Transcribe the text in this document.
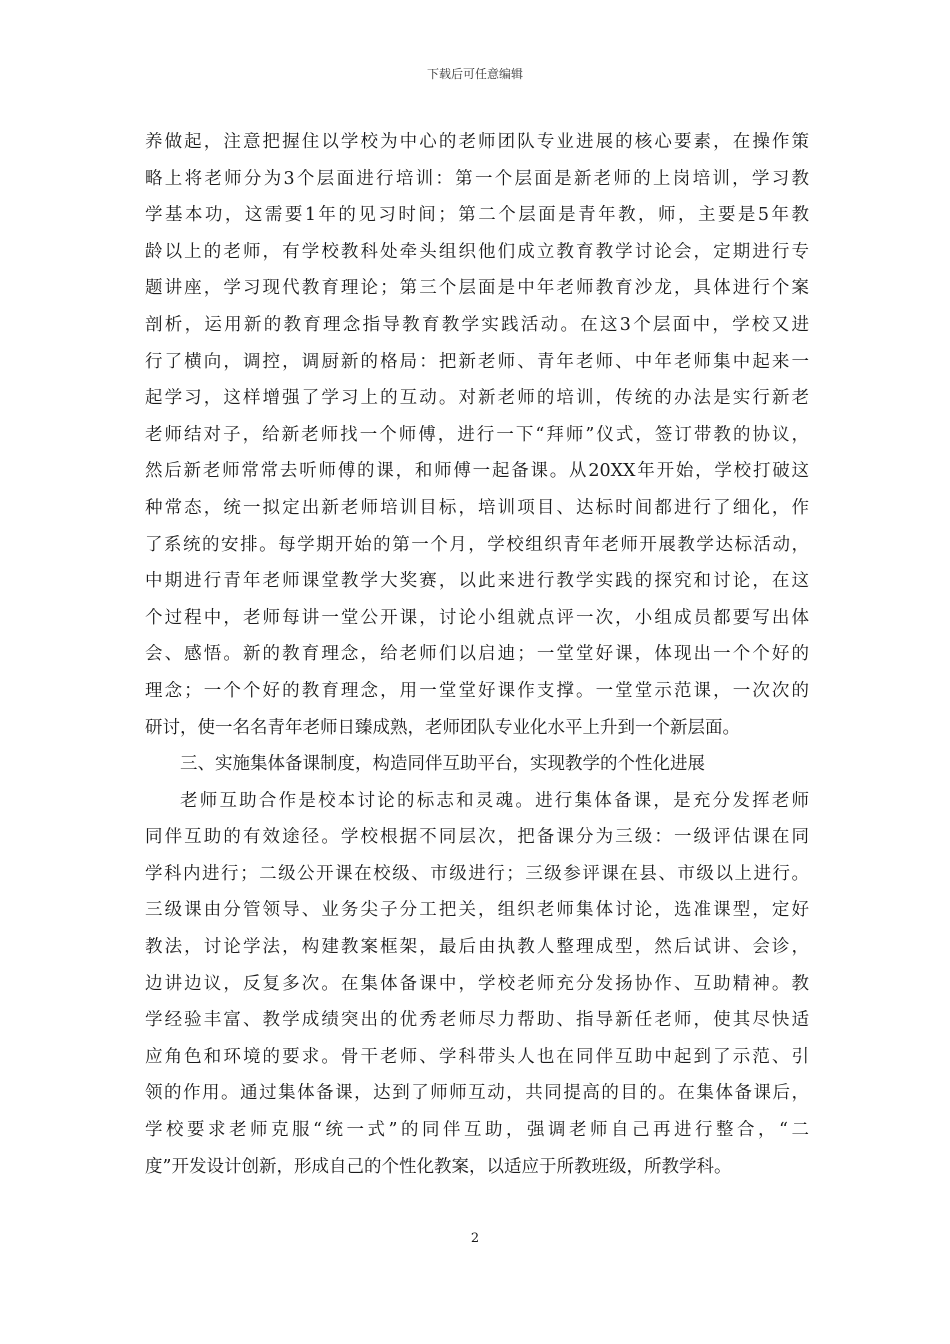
下载后可任意编辑
养做起，注意把握住以学校为中心的老师团队专业进展的核心要素，在操作策
略上将老师分为3个层面进行培训：第一个层面是新老师的上岗培训，学习教
学基本功，这需要1年的见习时间；第二个层面是青年教，师，主要是5年教
龄以上的老师，有学校教科处牵头组织他们成立教育教学讨论会，定期进行专
题讲座，学习现代教育理论；第三个层面是中年老师教育沙龙，具体进行个案
剖析，运用新的教育理念指导教育教学实践活动。在这3个层面中，学校又进
行了横向，调控，调厨新的格局：把新老师、青年老师、中年老师集中起来一
起学习，这样增强了学习上的互动。对新老师的培训，传统的办法是实行新老
老师结对子，给新老师找一个师傅，进行一下“拜师”仪式，签订带教的协议，
然后新老师常常去听师傅的课，和师傅一起备课。从20XX年开始，学校打破这
种常态，统一拟定出新老师培训目标，培训项目、达标时间都进行了细化，作
了系统的安排。每学期开始的第一个月，学校组织青年老师开展教学达标活动，
中期进行青年老师课堂教学大奖赛，以此来进行教学实践的探究和讨论，在这
个过程中，老师每讲一堂公开课，讨论小组就点评一次，小组成员都要写出体
会、感悟。新的教育理念，给老师们以启迪；一堂堂好课，体现出一个个好的
理念；一个个好的教育理念，用一堂堂好课作支撑。一堂堂示范课，一次次的
研讨，使一名名青年老师日臻成熟，老师团队专业化水平上升到一个新层面。
三、实施集体备课制度，构造同伴互助平台，实现教学的个性化进展
老师互助合作是校本讨论的标志和灵魂。进行集体备课，是充分发挥老师
同伴互助的有效途径。学校根据不同层次，把备课分为三级：一级评估课在同
学科内进行；二级公开课在校级、市级进行；三级参评课在县、市级以上进行。
三级课由分管领导、业务尖子分工把关，组织老师集体讨论，选准课型，定好
教法，讨论学法，构建教案框架，最后由执教人整理成型，然后试讲、会诊，
边讲边议，反复多次。在集体备课中，学校老师充分发扬协作、互助精神。教
学经验丰富、教学成绩突出的优秀老师尽力帮助、指导新任老师，使其尽快适
应角色和环境的要求。骨干老师、学科带头人也在同伴互助中起到了示范、引
领的作用。通过集体备课，达到了师师互动，共同提高的目的。在集体备课后，
学校要求老师克服“统一式”的同伴互助，强调老师自己再进行整合，“二
度”开发设计创新，形成自己的个性化教案，以适应于所教班级，所教学科。
2
